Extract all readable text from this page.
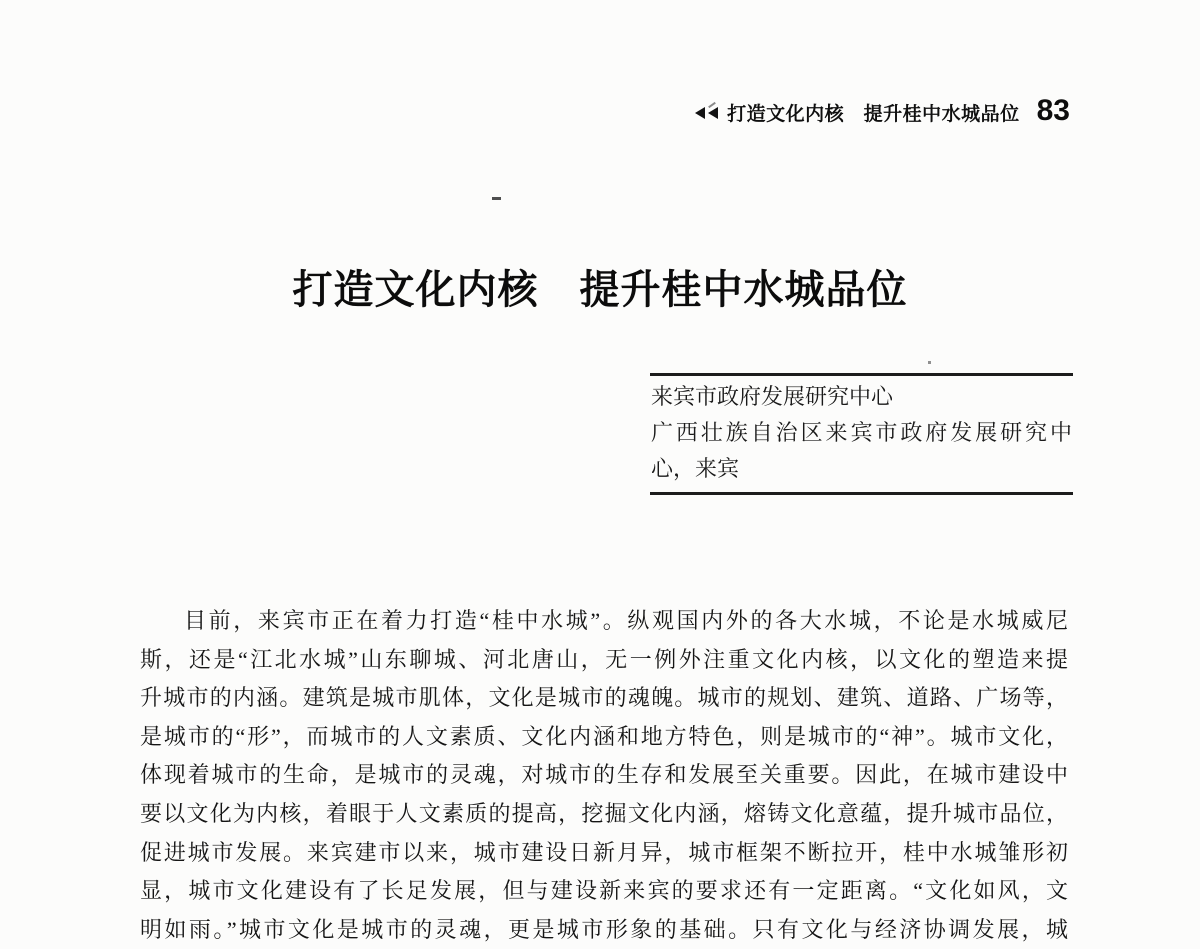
打造文化内核　提升桂中水城品位 83
打造文化内核　提升桂中水城品位
来宾市政府发展研究中心
广西壮族自治区来宾市政府发展研究中
心，来宾
目前，来宾市正在着力打造“桂中水城”。纵观国内外的各大水城，不论是水城威尼
斯，还是“江北水城”山东聊城、河北唐山，无一例外注重文化内核，以文化的塑造来提
升城市的内涵。建筑是城市肌体，文化是城市的魂魄。城市的规划、建筑、道路、广场等，
是城市的“形”，而城市的人文素质、文化内涵和地方特色，则是城市的“神”。城市文化，
体现着城市的生命，是城市的灵魂，对城市的生存和发展至关重要。因此，在城市建设中
要以文化为内核，着眼于人文素质的提高，挖掘文化内涵，熔铸文化意蕴，提升城市品位，
促进城市发展。来宾建市以来，城市建设日新月异，城市框架不断拉开，桂中水城雏形初
显，城市文化建设有了长足发展，但与建设新来宾的要求还有一定距离。“文化如风，文
明如雨。”城市文化是城市的灵魂，更是城市形象的基础。只有文化与经济协调发展，城
